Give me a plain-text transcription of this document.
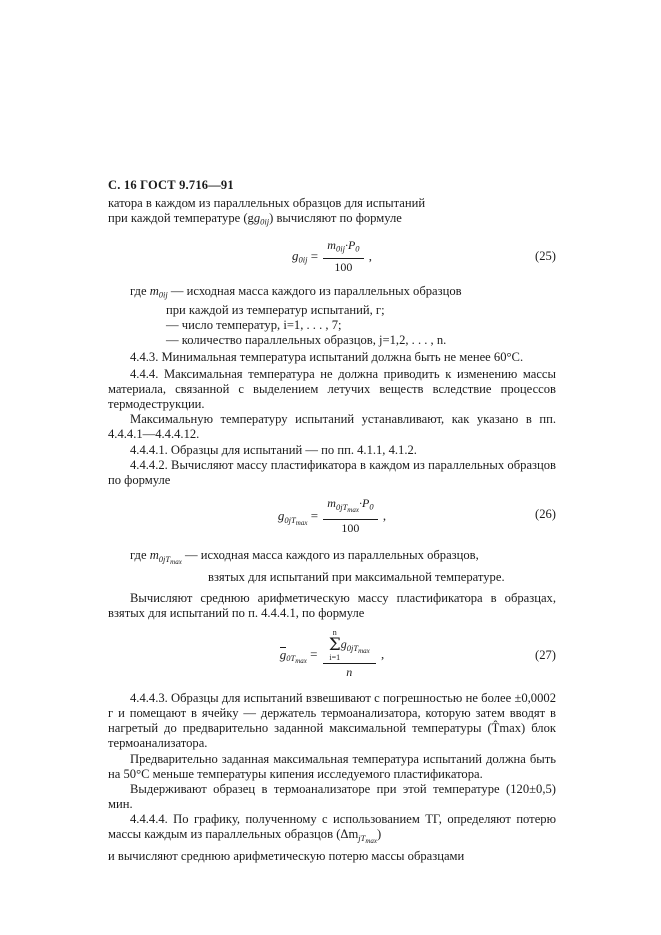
С. 16 ГОСТ 9.716—91

катора в каждом из параллельных образцов для испытаний

при каждой температуре $(gg_{0ij})$ вычисляют по формуле

$g_{0ij} = \frac{m_{0ij}\cdot P_0}{100}$ ,	(25)

где $m_{0ij}$ — исходная масса каждого из параллельных образцов

при каждой из температур испытаний, г;

— число температур, i=1, . . . , 7;

— количество параллельных образцов, j=1,2, . . . , n.

4.4.3. Минимальная температура испытаний должна быть не менее 60°С.

4.4.4. Максимальная температура не должна приводить к изменению массы материала, связанной с выделением летучих веществ вследствие процессов термодеструкции.

Максимальную температуру испытаний устанавливают, как указано в пп. 4.4.4.1—4.4.4.12.

4.4.4.1. Образцы для испытаний — по пп. 4.1.1, 4.1.2.

4.4.4.2. Вычисляют массу пластификатора в каждом из параллельных образцов по формуле

$g_{0jT_{max}} = \frac{m_{0jT_{max}}\cdot P_0}{100}$ ,	(26)

где $m_{0jT_{max}}$ — исходная масса каждого из параллельных образцов,

взятых для испытаний при максимальной температуре.

Вычисляют среднюю арифметическую массу пластификатора в образцах, взятых для испытаний по п. 4.4.4.1, по формуле

$g_{0T_{max}}$ =
n
Σ
i=1
$g_{0jT_{max}}$
n
,	(27)

4.4.4.3. Образцы для испытаний взвешивают с погрешностью не более ±0,0002 г и помещают в ячейку — держатель термоанализатора, которую затем вводят в нагретый до предварительно заданной максимальной температуры (T̂max) блок термоанализатора.

Предварительно заданная максимальная температура испытаний должна быть на 50°С меньше температуры кипения исследуемого пластификатора.

Выдерживают образец в термоанализаторе при этой температуре (120±0,5) мин.

4.4.4.4. По графику, полученному с использованием ТГ, определяют потерю массы каждым из параллельных образцов $(\Delta m_{jT_{max}})$

и вычисляют среднюю арифметическую потерю массы образцами
